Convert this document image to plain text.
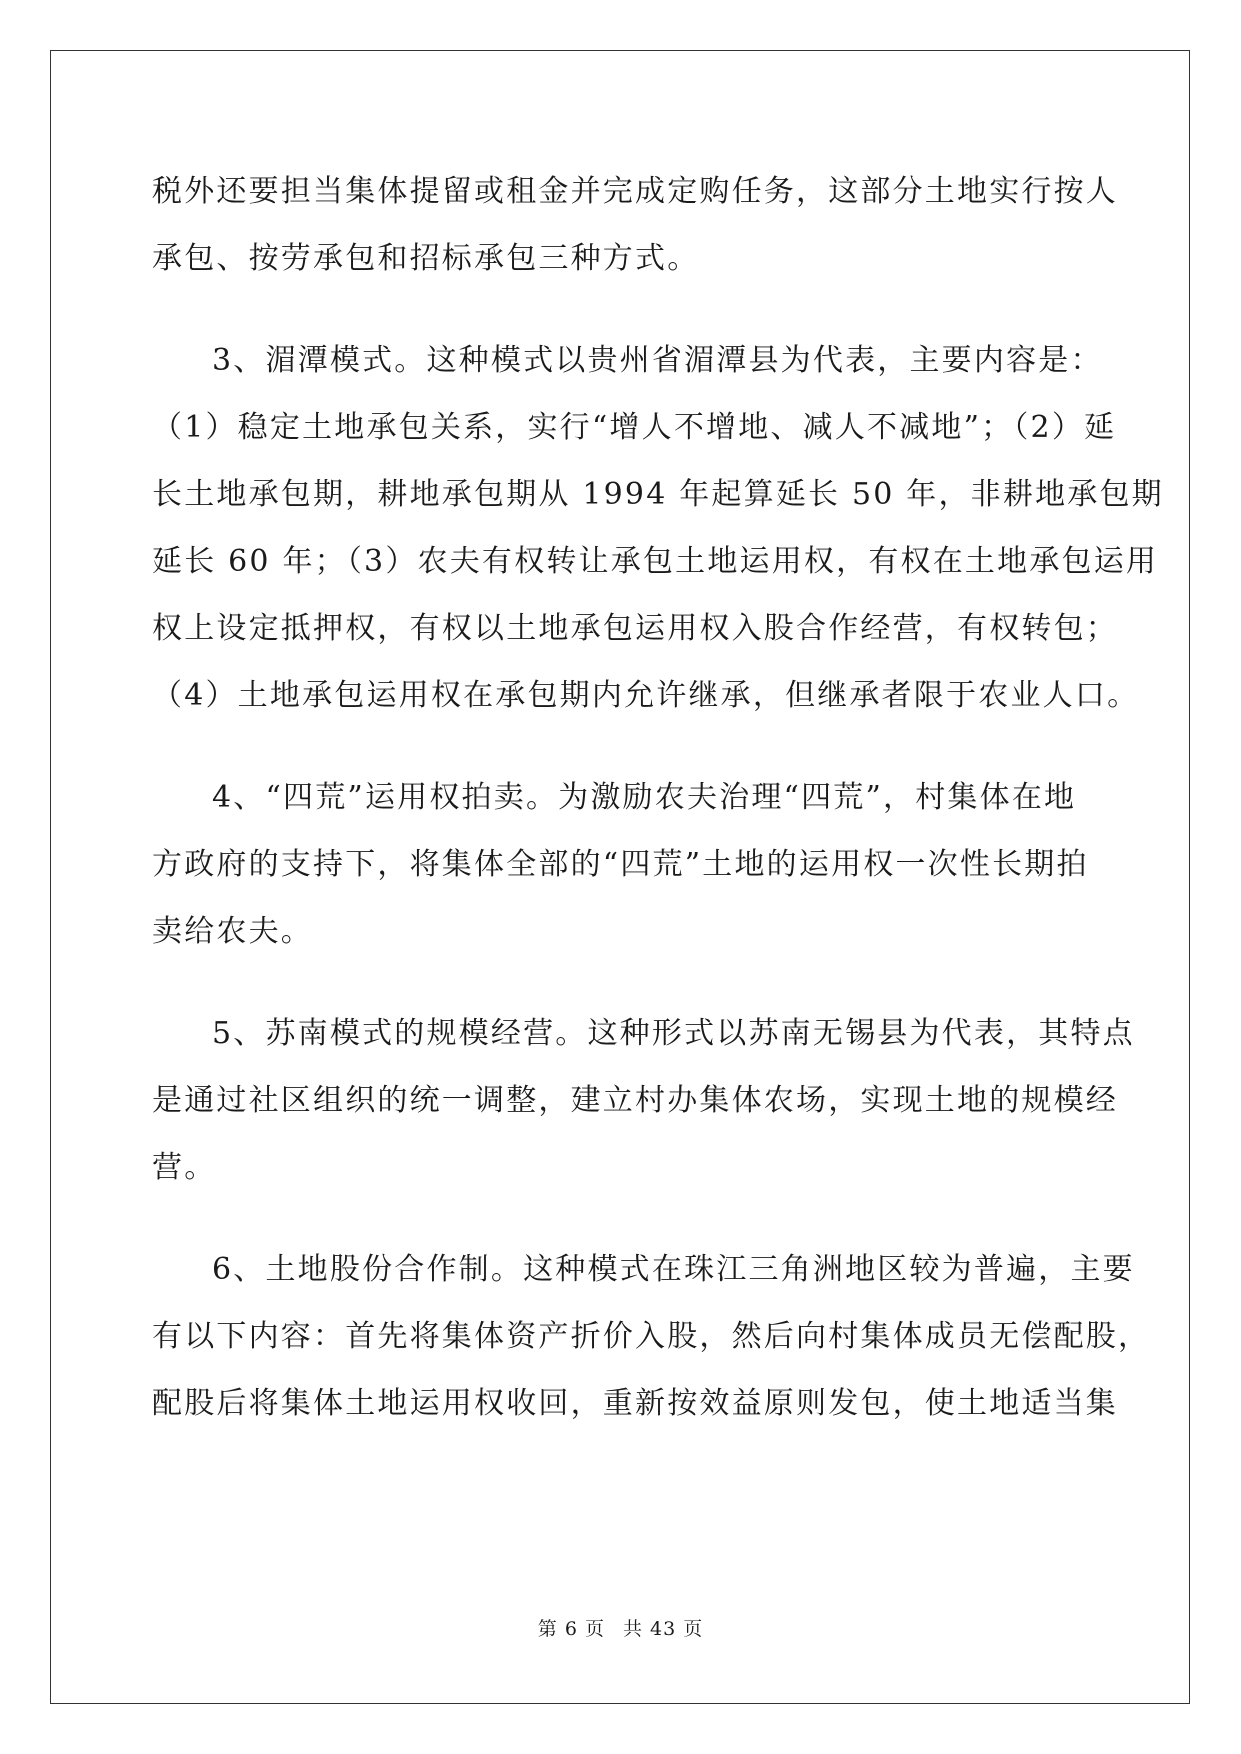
税外还要担当集体提留或租金并完成定购任务，这部分土地实行按人
承包、按劳承包和招标承包三种方式。
3、湄潭模式。这种模式以贵州省湄潭县为代表，主要内容是：
（1）稳定土地承包关系，实行“增人不增地、减人不减地”；（2）延
长土地承包期，耕地承包期从 1994 年起算延长 50 年，非耕地承包期
延长 60 年；（3）农夫有权转让承包土地运用权，有权在土地承包运用
权上设定抵押权，有权以土地承包运用权入股合作经营，有权转包；
（4）土地承包运用权在承包期内允许继承，但继承者限于农业人口。
4、“四荒”运用权拍卖。为激励农夫治理“四荒”，村集体在地
方政府的支持下，将集体全部的“四荒”土地的运用权一次性长期拍
卖给农夫。
5、苏南模式的规模经营。这种形式以苏南无锡县为代表，其特点
是通过社区组织的统一调整，建立村办集体农场，实现土地的规模经
营。
6、土地股份合作制。这种模式在珠江三角洲地区较为普遍，主要
有以下内容：首先将集体资产折价入股，然后向村集体成员无偿配股，
配股后将集体土地运用权收回，重新按效益原则发包，使土地适当集
第 6 页 共 43 页
